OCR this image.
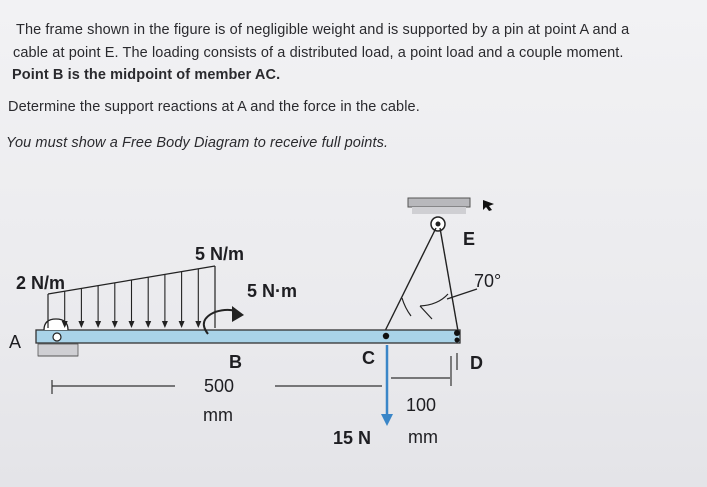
The frame shown in the figure is of negligible weight and is supported by a pin at point A and a
cable at point E. The loading consists of a distributed load, a point load and a couple moment.
Point B is the midpoint of member AC.
Determine the support reactions at A and the force in the cable.
You must show a Free Body Diagram to receive full points.
A
B	C	D
E
2 N/m
5 N/m
5 N·m	70°
15 N
500
mm	100
mm
